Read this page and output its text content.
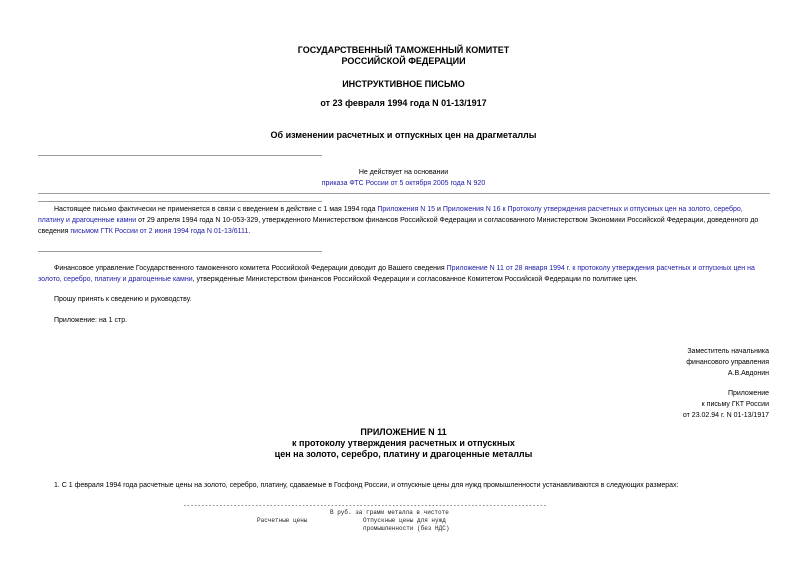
ГОСУДАРСТВЕННЫЙ ТАМОЖЕННЫЙ КОМИТЕТ
РОССИЙСКОЙ ФЕДЕРАЦИИ
ИНСТРУКТИВНОЕ ПИСЬМО
от 23 февраля 1994 года N 01-13/1917
Об изменении расчетных и отпускных цен на драгметаллы
Не действует на основании
приказа ФТС России от 5 октября 2005 года N 920
Настоящее письмо фактически не применяется в связи с введением в действие с 1 мая 1994 года Приложения N 15 и Приложения N 16 к Протоколу утверждения расчетных и отпускных цен на золото, серебро, платину и драгоценные камни от 29 апреля 1994 года N 10-053-329, утвержденного Министерством финансов Российской Федерации и согласованного Министерством Экономики Российской Федерации, доведенного до сведения письмом ГТК России от 2 июня 1994 года N 01-13/6111.
Финансовое управление Государственного таможенного комитета Российской Федерации доводит до Вашего сведения Приложение N 11 от 28 января 1994 г. к протоколу утверждения расчетных и отпускных цен на золото, серебро, платину и драгоценные камни, утвержденные Министерством финансов Российской Федерации и согласованное Комитетом Российской Федерации по политике цен.
Прошу принять к сведению и руководству.
Приложение: на 1 стр.
Заместитель начальника
финансового управления
А.В.Авдонин
Приложение
к письму ГКТ России
от 23.02.94 г. N 01-13/1917
ПРИЛОЖЕНИЕ N 11
к протоколу утверждения расчетных и отпускных
цен на золото, серебро, платину и драгоценные металлы
1. С 1 февраля 1994 года расчетные цены на золото, серебро, платину, сдаваемые в Госфонд России, и отпускные цены для нужд промышленности устанавливаются в следующих размерах:
-----------------------------------------------------------------------------------------------------
В руб. за грамм металла в чистоте
Расчетные цены	Отпускные цены для нужд
промышленности (без НДС)
